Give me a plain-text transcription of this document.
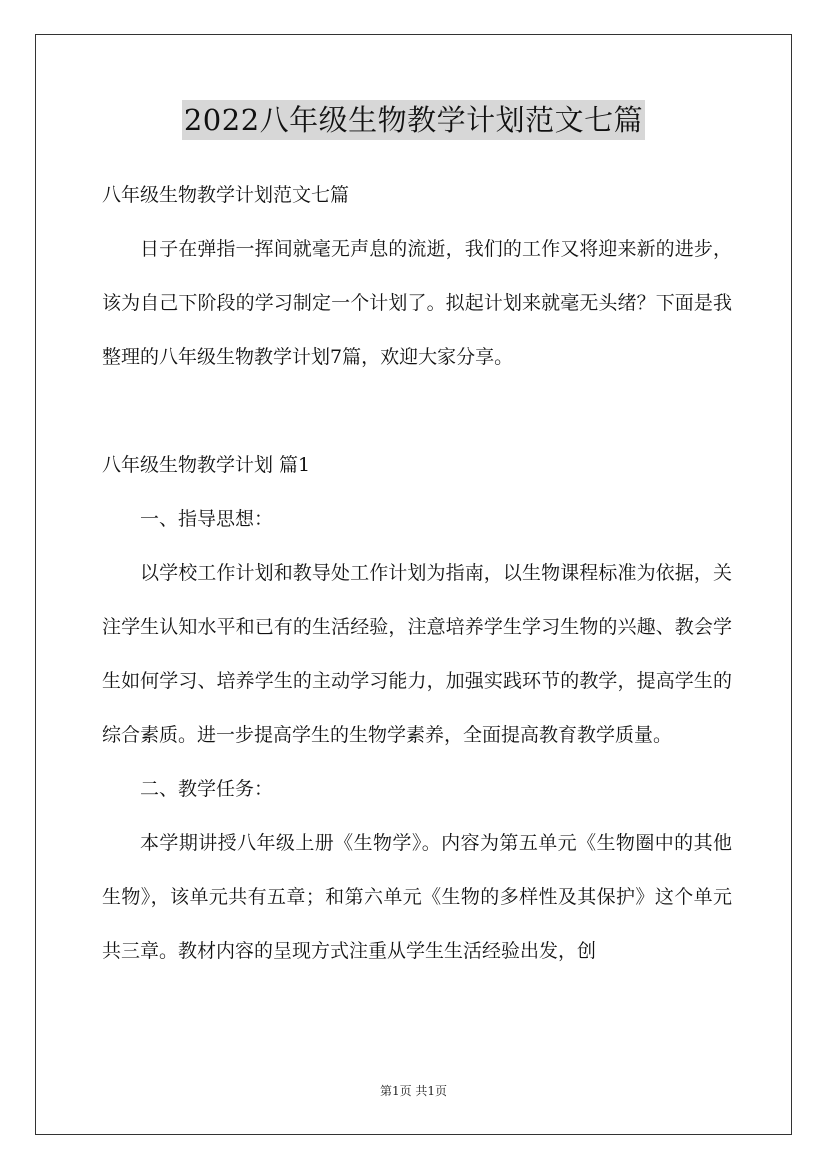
2022八年级生物教学计划范文七篇

八年级生物教学计划范文七篇

日子在弹指一挥间就毫无声息的流逝，我们的工作又将迎来新的进步，该为自己下阶段的学习制定一个计划了。拟起计划来就毫无头绪？下面是我整理的八年级生物教学计划7篇，欢迎大家分享。

八年级生物教学计划 篇1

一、指导思想：

以学校工作计划和教导处工作计划为指南，以生物课程标准为依据，关注学生认知水平和已有的生活经验，注意培养学生学习生物的兴趣、教会学生如何学习、培养学生的主动学习能力，加强实践环节的教学，提高学生的综合素质。进一步提高学生的生物学素养，全面提高教育教学质量。

二、教学任务：

本学期讲授八年级上册《生物学》。内容为第五单元《生物圈中的其他生物》，该单元共有五章；和第六单元《生物的多样性及其保护》这个单元共三章。教材内容的呈现方式注重从学生生活经验出发，创

第1页 共1页
